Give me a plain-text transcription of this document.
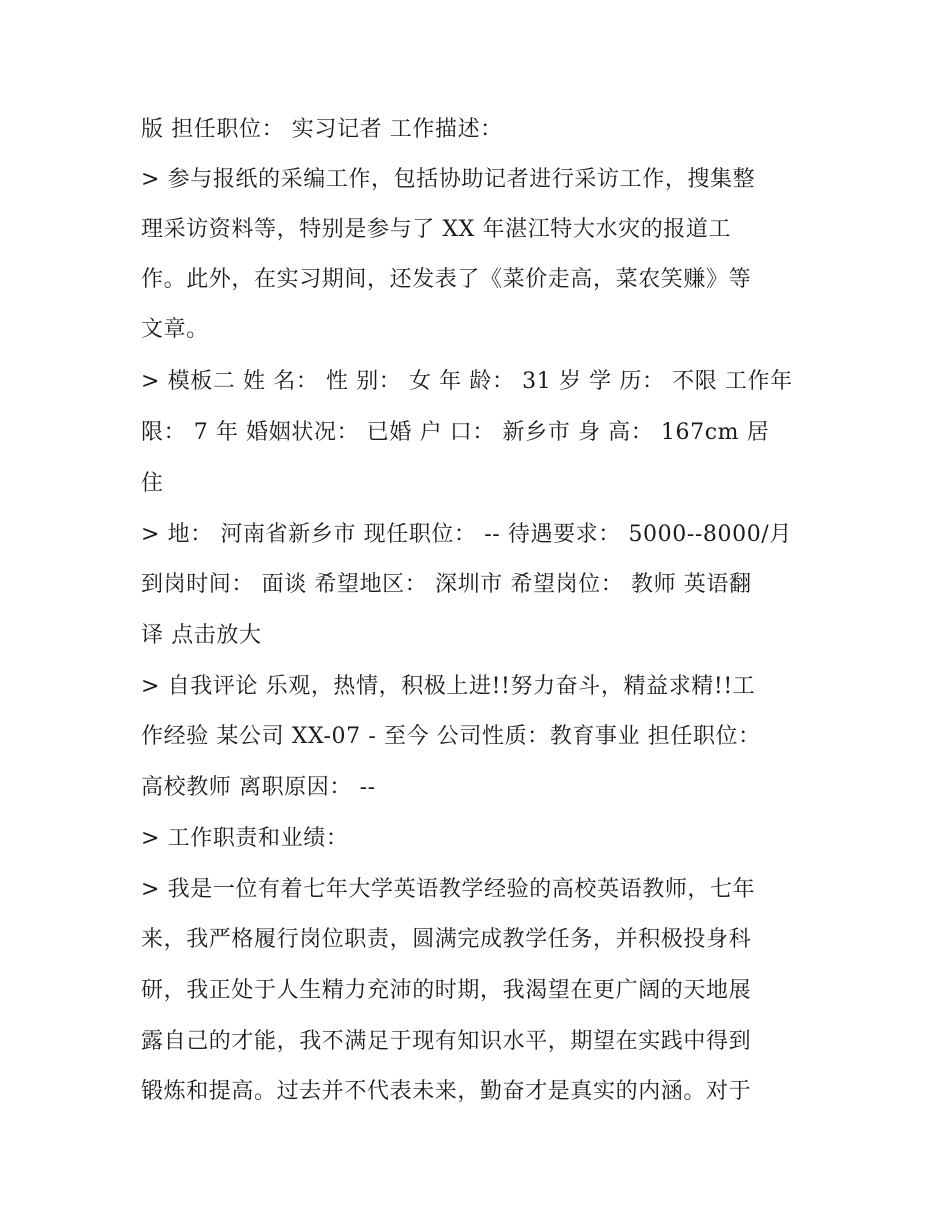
版 担任职位： 实习记者 工作描述：
> 参与报纸的采编工作，包括协助记者进行采访工作，搜集整
理采访资料等，特别是参与了 XX 年湛江特大水灾的报道工
作。此外，在实习期间，还发表了《菜价走高，菜农笑赚》等
文章。
> 模板二 姓 名： 性 别： 女 年 龄： 31 岁 学 历： 不限 工作年
限： 7 年 婚姻状况： 已婚 户 口： 新乡市 身 高： 167cm 居
住
> 地： 河南省新乡市 现任职位： -- 待遇要求： 5000--8000/月
到岗时间： 面谈 希望地区： 深圳市 希望岗位： 教师 英语翻
译 点击放大
> 自我评论 乐观，热情，积极上进!!努力奋斗，精益求精!!工
作经验 某公司 XX-07 - 至今 公司性质：教育事业 担任职位：
高校教师 离职原因： --
> 工作职责和业绩：
> 我是一位有着七年大学英语教学经验的高校英语教师，七年
来，我严格履行岗位职责，圆满完成教学任务，并积极投身科
研，我正处于人生精力充沛的时期，我渴望在更广阔的天地展
露自己的才能，我不满足于现有知识水平，期望在实践中得到
锻炼和提高。过去并不代表未来，勤奋才是真实的内涵。对于
